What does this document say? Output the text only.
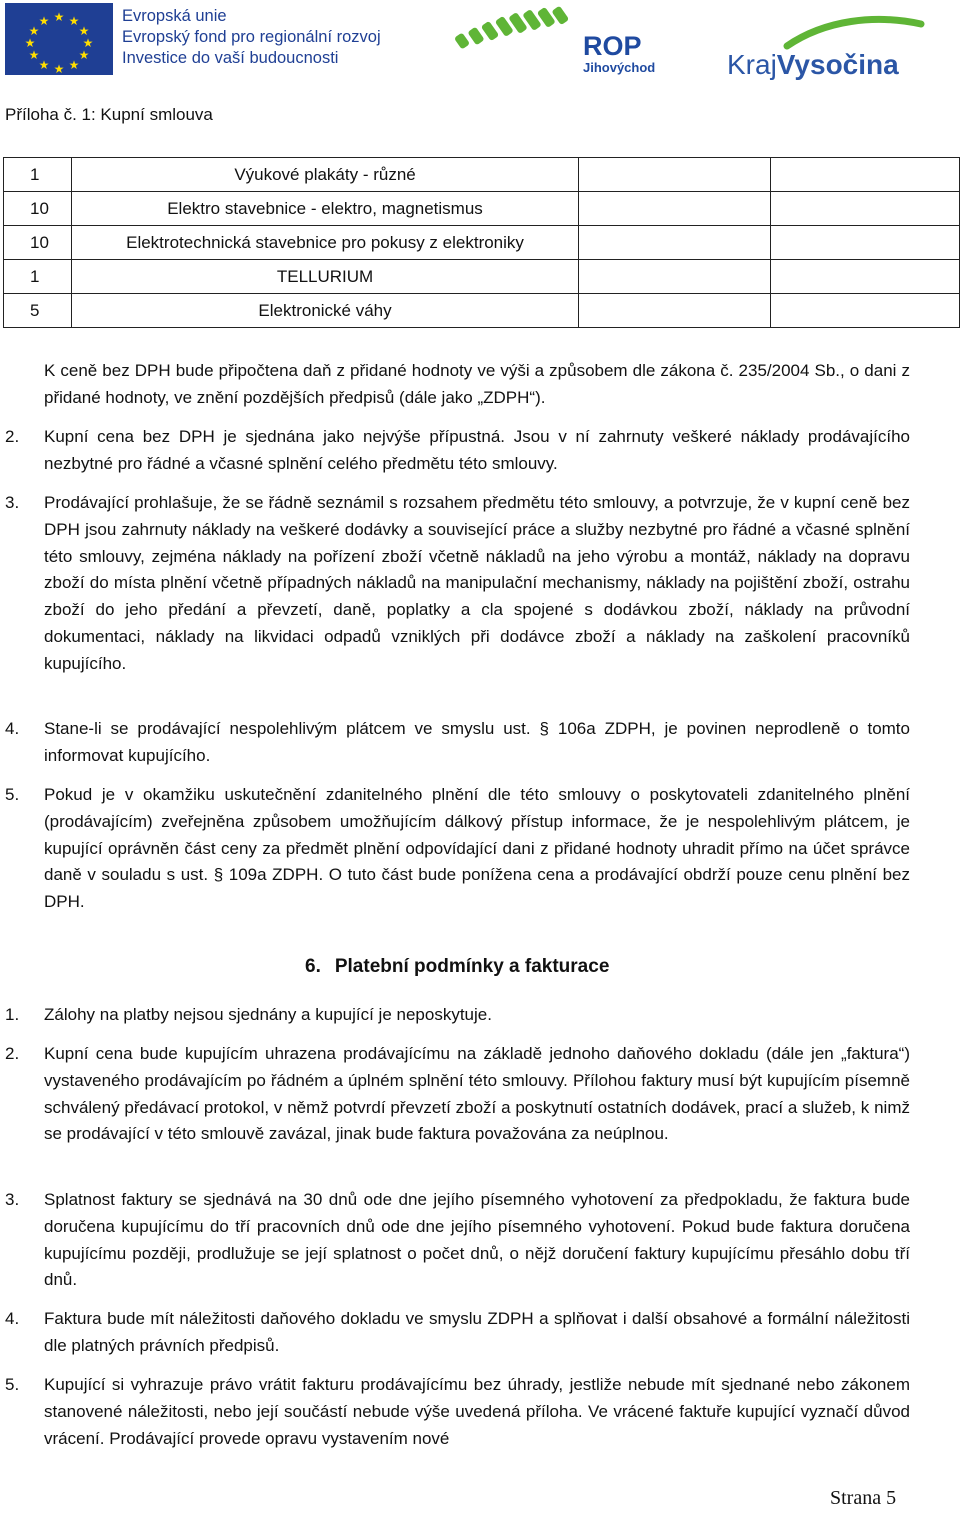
★ ★
★
★
★
★
★
★
★
★
★
★	Evropská unie
Evropský fond pro regionální rozvoj
Investice do vaší budoucnosti	ROP
Jihovýchod	KrajVysočina
Příloha č. 1: Kupní smlouva
1	Výukové plakáty - různé		
10	Elektro stavebnice - elektro, magnetismus		
10	Elektrotechnická stavebnice pro pokusy z elektroniky		
1	TELLURIUM		
5	Elektronické váhy		
K ceně bez DPH bude připočtena daň z přidané hodnoty ve výši a způsobem dle zákona č. 235/2004 Sb., o dani z přidané hodnoty, ve znění pozdějších předpisů (dále jako „ZDPH“).
2. Kupní cena bez DPH je sjednána jako nejvýše přípustná. Jsou v ní zahrnuty veškeré náklady prodávajícího nezbytné pro řádné a včasné splnění celého předmětu této smlouvy.
3. Prodávající prohlašuje, že se řádně seznámil s rozsahem předmětu této smlouvy, a potvrzuje, že v kupní ceně bez DPH jsou zahrnuty náklady na veškeré dodávky a související práce a služby nezbytné pro řádné a včasné splnění této smlouvy, zejména náklady na pořízení zboží včetně nákladů na jeho výrobu a montáž, náklady na dopravu zboží do místa plnění včetně případných nákladů na manipulační mechanismy, náklady na pojištění zboží, ostrahu zboží do jeho předání a převzetí, daně, poplatky a cla spojené s dodávkou zboží, náklady na průvodní dokumentaci, náklady na likvidaci odpadů vzniklých při dodávce zboží a náklady na zaškolení pracovníků kupujícího.
4. Stane-li se prodávající nespolehlivým plátcem ve smyslu ust. § 106a ZDPH, je povinen neprodleně o tomto informovat kupujícího.
5. Pokud je v okamžiku uskutečnění zdanitelného plnění dle této smlouvy o poskytovateli zdanitelného plnění (prodávajícím) zveřejněna způsobem umožňujícím dálkový přístup informace, že je nespolehlivým plátcem, je kupující oprávněn část ceny za předmět plnění odpovídající dani z přidané hodnoty uhradit přímo na účet správce daně v souladu s ust. § 109a ZDPH. O tuto část bude ponížena cena a prodávající obdrží pouze cenu plnění bez DPH.
6. Platební podmínky a fakturace
1. Zálohy na platby nejsou sjednány a kupující je neposkytuje.
2. Kupní cena bude kupujícím uhrazena prodávajícímu na základě jednoho daňového dokladu (dále jen „faktura“) vystaveného prodávajícím po řádném a úplném splnění této smlouvy. Přílohou faktury musí být kupujícím písemně schválený předávací protokol, v němž potvrdí převzetí zboží a poskytnutí ostatních dodávek, prací a služeb, k nimž se prodávající v této smlouvě zavázal, jinak bude faktura považována za neúplnou.
3. Splatnost faktury se sjednává na 30 dnů ode dne jejího písemného vyhotovení za předpokladu, že faktura bude doručena kupujícímu do tří pracovních dnů ode dne jejího písemného vyhotovení. Pokud bude faktura doručena kupujícímu později, prodlužuje se její splatnost o počet dnů, o nějž doručení faktury kupujícímu přesáhlo dobu tří dnů.
4. Faktura bude mít náležitosti daňového dokladu ve smyslu ZDPH a splňovat i další obsahové a formální náležitosti dle platných právních předpisů.
5. Kupující si vyhrazuje právo vrátit fakturu prodávajícímu bez úhrady, jestliže nebude mít sjednané nebo zákonem stanovené náležitosti, nebo její součástí nebude výše uvedená příloha. Ve vrácené faktuře kupující vyznačí důvod vrácení. Prodávající provede opravu vystavením nové
Strana 5
